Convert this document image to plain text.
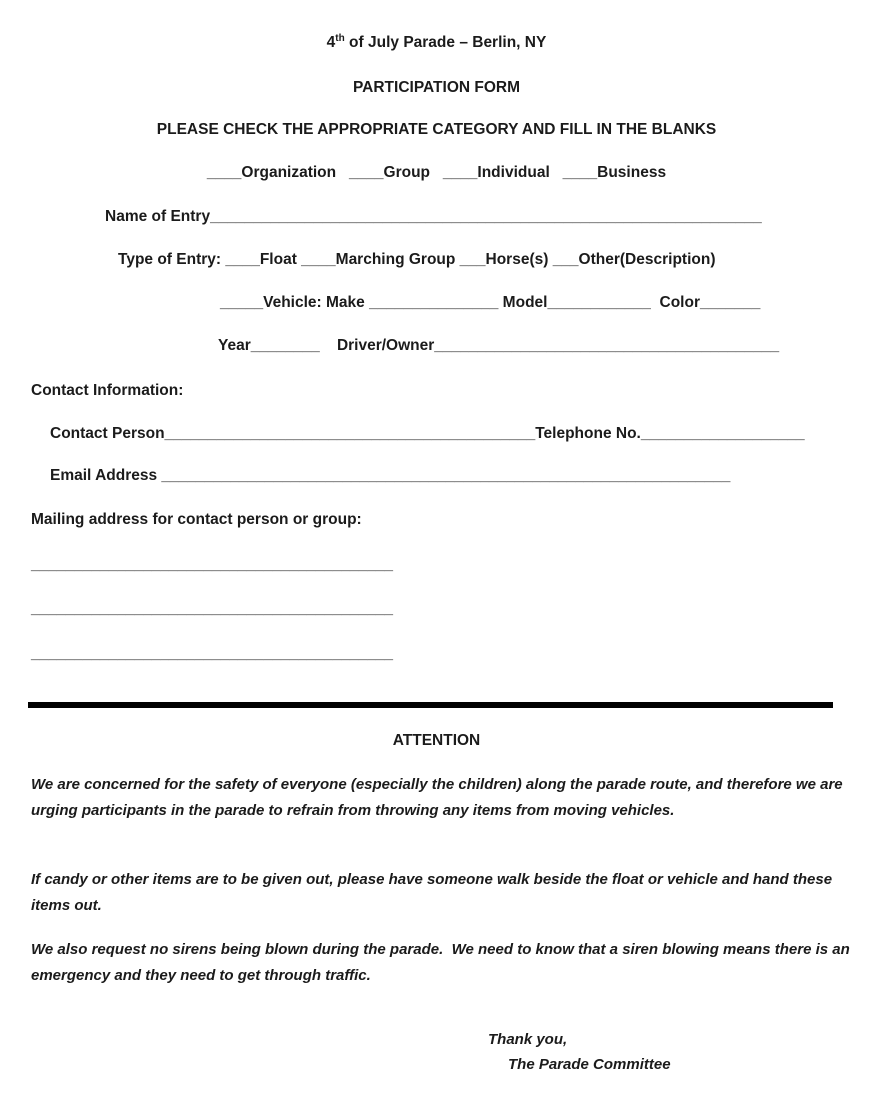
4th of July Parade – Berlin, NY
PARTICIPATION FORM
PLEASE CHECK THE APPROPRIATE CATEGORY AND FILL IN THE BLANKS
____Organization   ____Group   ____Individual   ____Business
Name of Entry________________________________________________________________
Type of Entry: ____Float ____Marching Group ___Horse(s) ___Other(Description)
_____Vehicle: Make _______________ Model____________  Color_______
Year________    Driver/Owner________________________________________
Contact Information:
Contact Person___________________________________________Telephone No.___________________
Email Address __________________________________________________________________
Mailing address for contact person or group:
__________________________________________
__________________________________________
__________________________________________
ATTENTION
We are concerned for the safety of everyone (especially the children) along the parade route, and therefore we are urging participants in the parade to refrain from throwing any items from moving vehicles.
If candy or other items are to be given out, please have someone walk beside the float or vehicle and hand these items out.
We also request no sirens being blown during the parade.  We need to know that a siren blowing means there is an emergency and they need to get through traffic.
Thank you,
The Parade Committee
